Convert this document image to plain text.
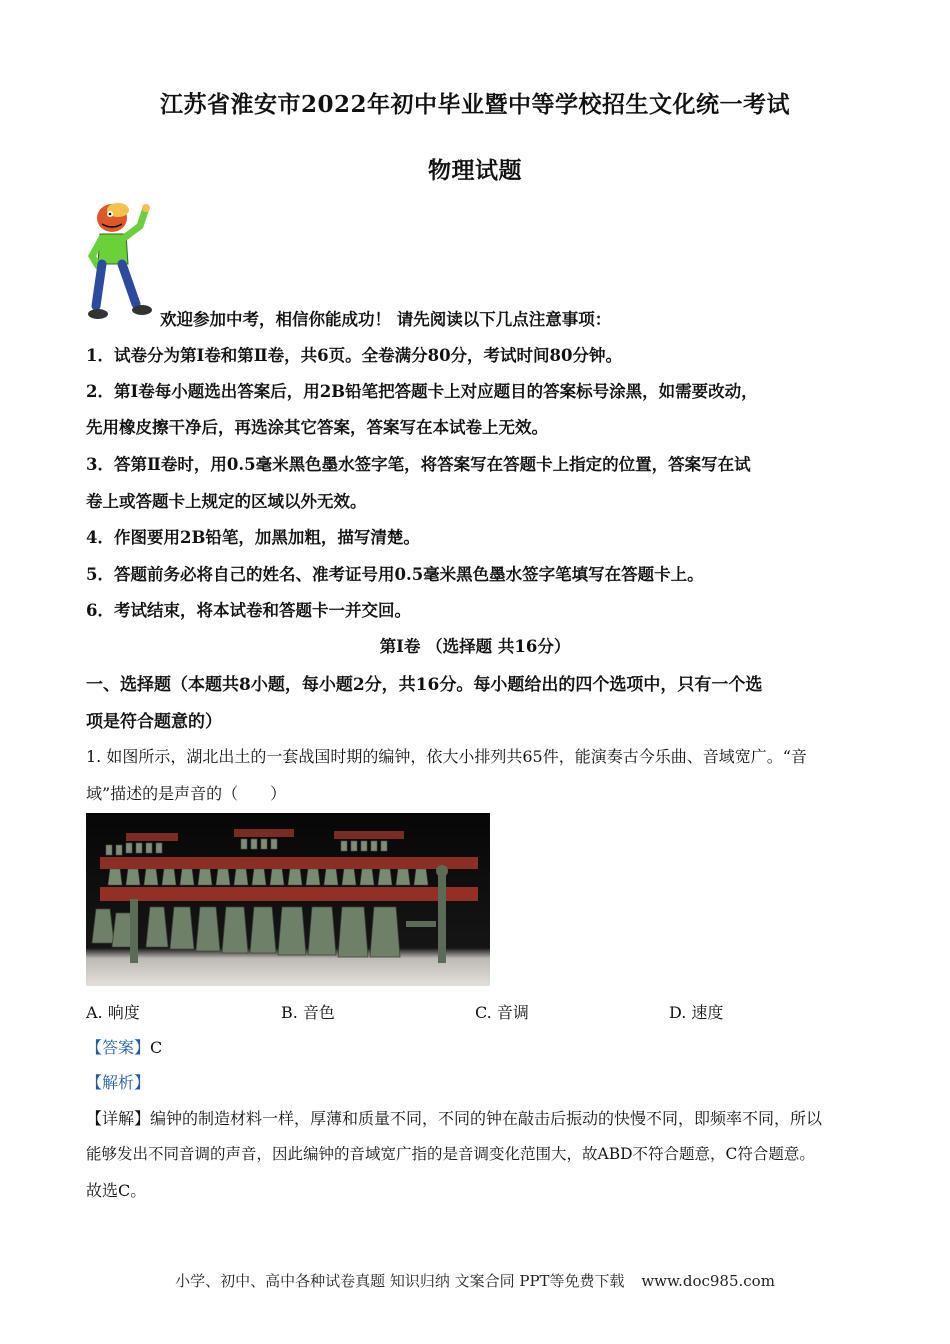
江苏省淮安市2022年初中毕业暨中等学校招生文化统一考试
物理试题
欢迎参加中考，相信你能成功！ 请先阅读以下几点注意事项：
1．试卷分为第Ⅰ卷和第Ⅱ卷，共6页。全卷满分80分，考试时间80分钟。
2．第Ⅰ卷每小题选出答案后，用2B铅笔把答题卡上对应题目的答案标号涂黑，如需要改动，
先用橡皮擦干净后，再选涂其它答案，答案写在本试卷上无效。
3．答第Ⅱ卷时，用0.5毫米黑色墨水签字笔，将答案写在答题卡上指定的位置，答案写在试
卷上或答题卡上规定的区域以外无效。
4．作图要用2B铅笔，加黑加粗，描写清楚。
5．答题前务必将自己的姓名、准考证号用0.5毫米黑色墨水签字笔填写在答题卡上。
6．考试结束，将本试卷和答题卡一并交回。
第I卷 （选择题 共16分）
一、选择题（本题共8小题，每小题2分，共16分。每小题给出的四个选项中，只有一个选
项是符合题意的）
1. 如图所示，湖北出土的一套战国时期的编钟，依大小排列共65件，能演奏古今乐曲、音域宽广。“音
域”描述的是声音的（　　）
A. 响度	B. 音色	C. 音调	D. 速度
【答案】C
【解析】
【详解】编钟的制造材料一样，厚薄和质量不同，不同的钟在敲击后振动的快慢不同，即频率不同，所以
能够发出不同音调的声音，因此编钟的音域宽广指的是音调变化范围大，故ABD不符合题意，C符合题意。
故选C。
小学、初中、高中各种试卷真题 知识归纳 文案合同 PPT等免费下载 www.doc985.com
